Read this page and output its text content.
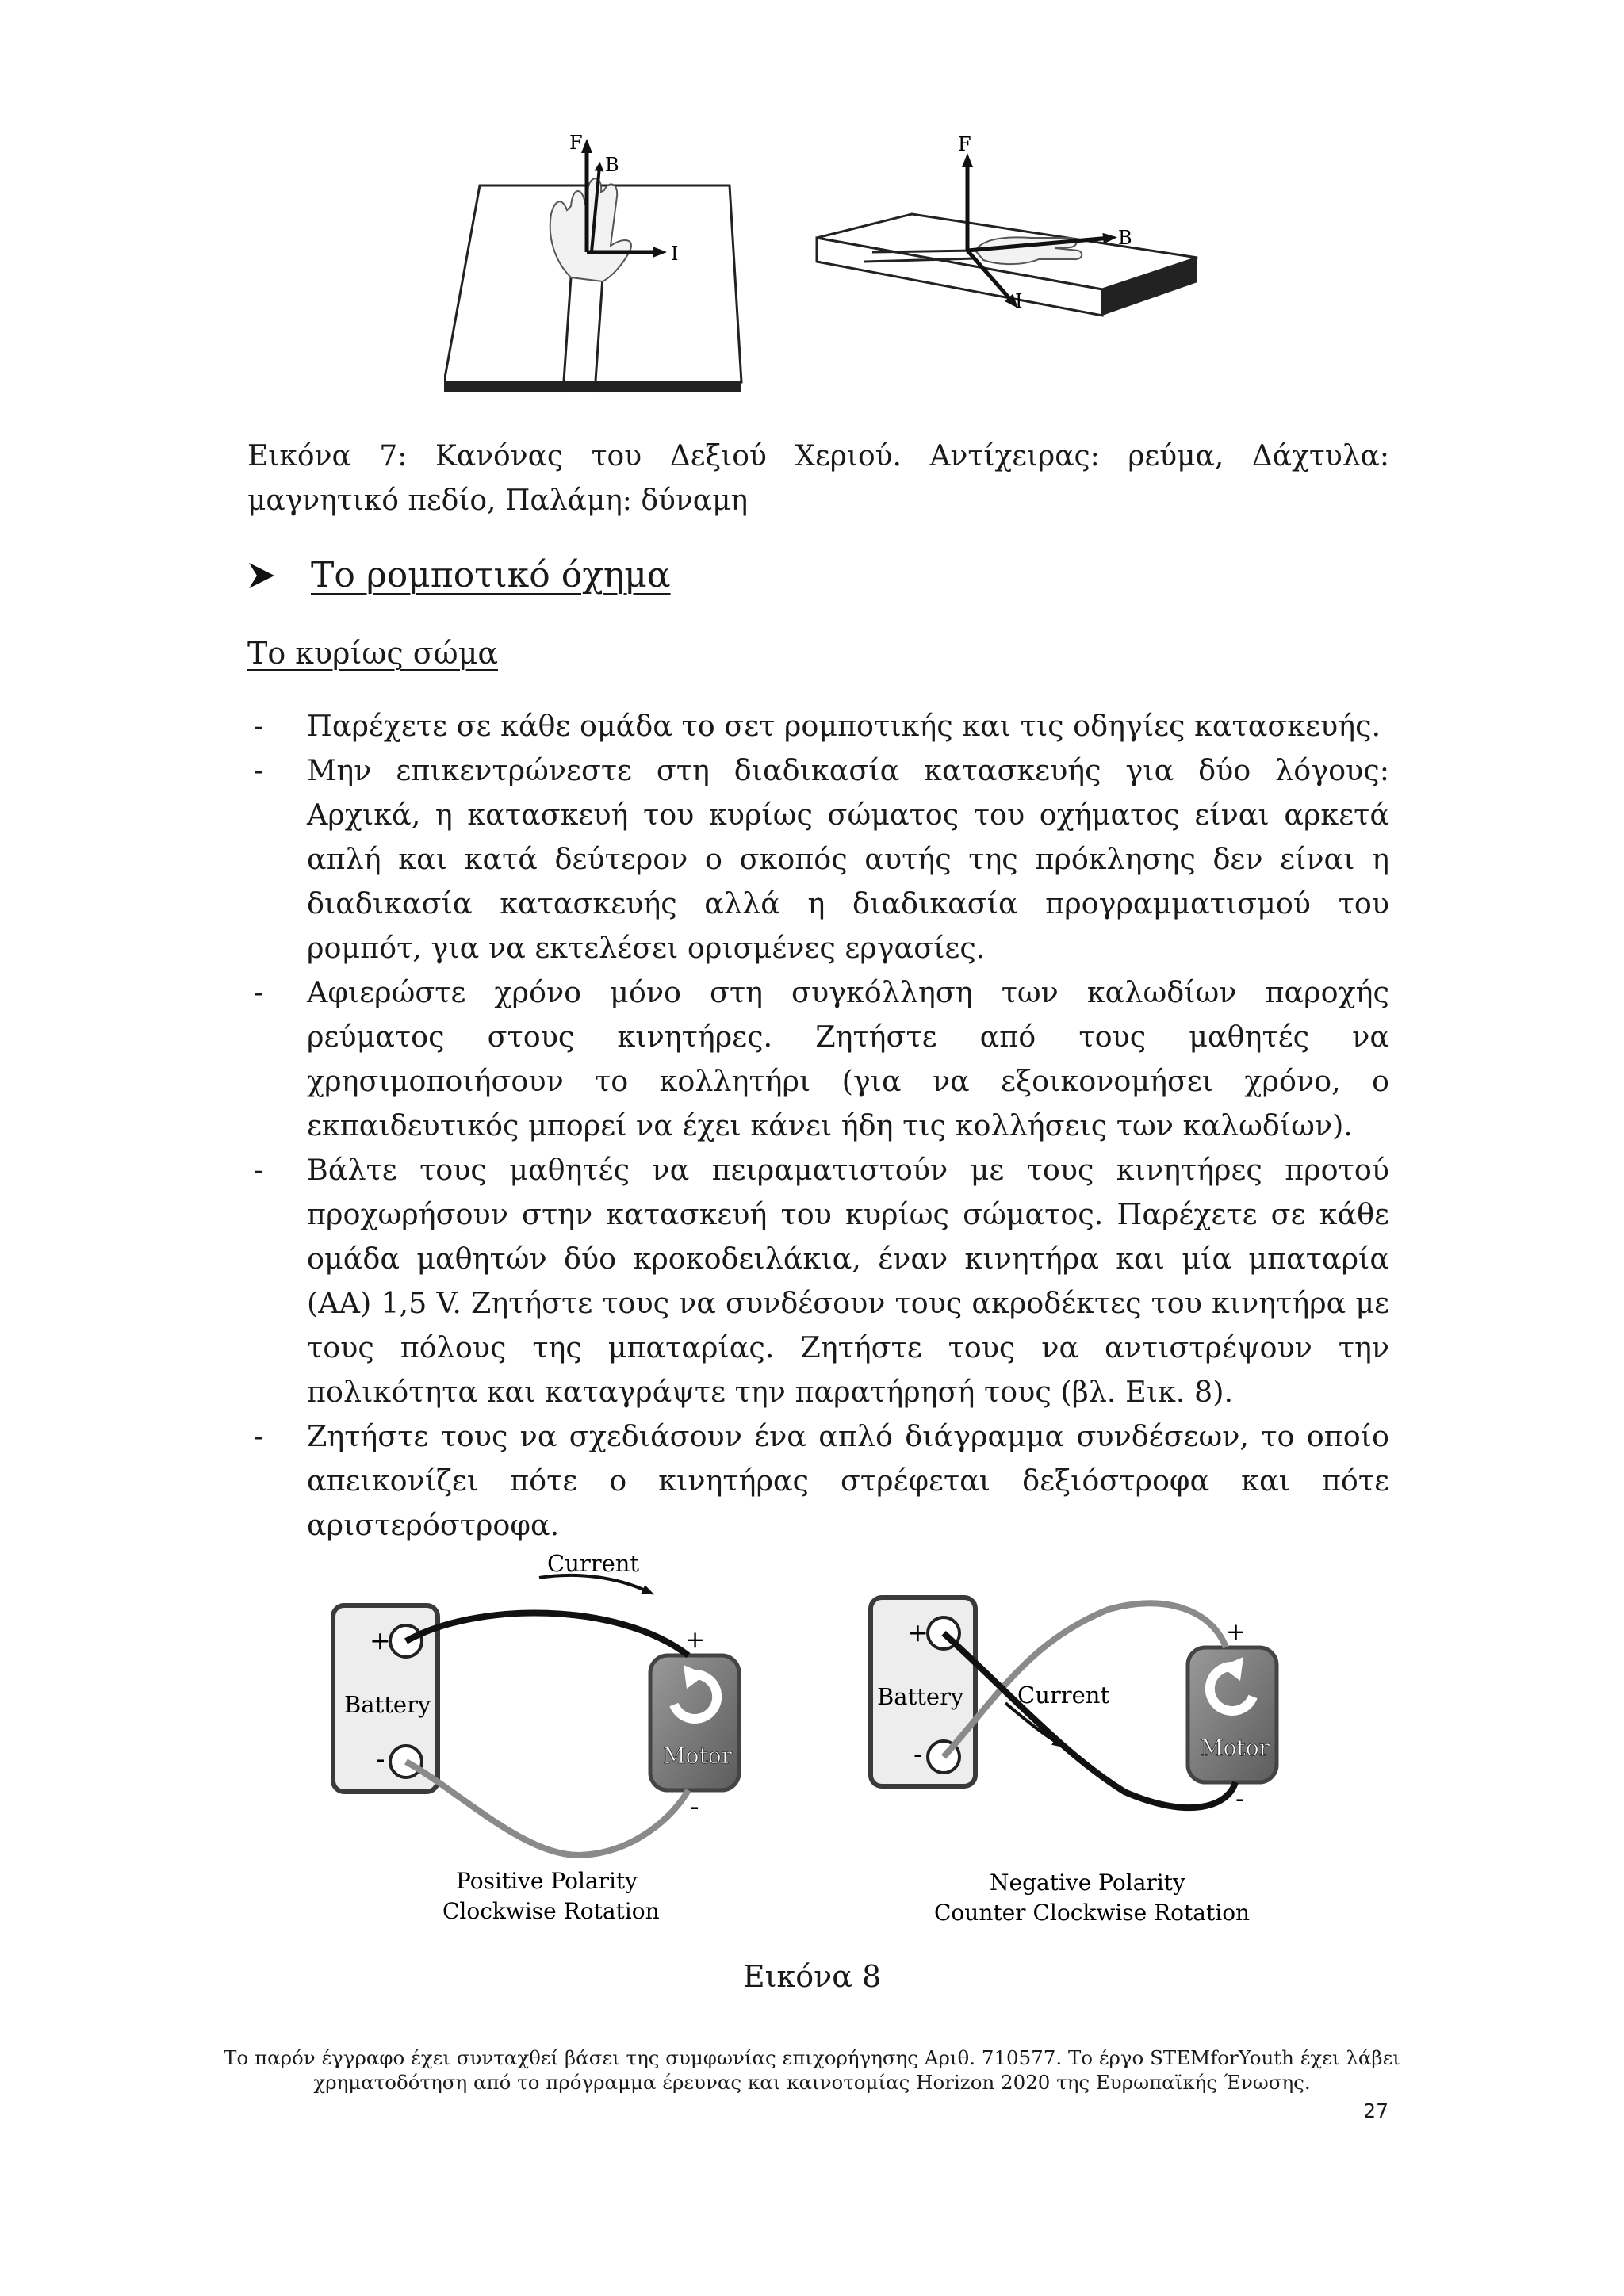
F
B
I
F
B
I
Εικόνα 7: Κανόνας του Δεξιού Χεριού. Αντίχειρας: ρεύμα, Δάχτυλα: μαγνητικό πεδίο, Παλάμη: δύναμη
Το ρομποτικό όχημα
Το κυρίως σώμα
- Παρέχετε σε κάθε ομάδα το σετ ρομποτικής και τις οδηγίες κατασκευής.
- Μην επικεντρώνεστε στη διαδικασία κατασκευής για δύο λόγους: Αρχικά, η κατασκευή του κυρίως σώματος του οχήματος είναι αρκετά απλή και κατά δεύτερον ο σκοπός αυτής της πρόκλησης δεν είναι η διαδικασία κατασκευής αλλά η διαδικασία προγραμματισμού του ρομπότ, για να εκτελέσει ορισμένες εργασίες.
- Αφιερώστε χρόνο μόνο στη συγκόλληση των καλωδίων παροχής ρεύματος στους κινητήρες. Ζητήστε από τους μαθητές να χρησιμοποιήσουν το κολλητήρι (για να εξοικονομήσει χρόνο, ο εκπαιδευτικός μπορεί να έχει κάνει ήδη τις κολλήσεις των καλωδίων).
- Βάλτε τους μαθητές να πειραματιστούν με τους κινητήρες προτού προχωρήσουν στην κατασκευή του κυρίως σώματος. Παρέχετε σε κάθε ομάδα μαθητών δύο κροκοδειλάκια, έναν κινητήρα και μία μπαταρία (ΑΑ) 1,5 V. Ζητήστε τους να συνδέσουν τους ακροδέκτες του κινητήρα με τους πόλους της μπαταρίας. Ζητήστε τους να αντιστρέψουν την πολικότητα και καταγράψτε την παρατήρησή τους (βλ. Εικ. 8).
- Ζητήστε τους να σχεδιάσουν ένα απλό διάγραμμα συνδέσεων, το οποίο απεικονίζει πότε ο κινητήρας στρέφεται δεξιόστροφα και πότε αριστερόστροφα.
+
-
Battery
Motor
+
-
Current
Positive Polarity
Clockwise Rotation
+
-
Battery
Motor
+
-
Current
Negative Polarity
Counter Clockwise Rotation
Εικόνα 8
Το παρόν έγγραφο έχει συνταχθεί βάσει της συμφωνίας επιχορήγησης Αριθ. 710577. Το έργο STEMforYouth έχει λάβει
χρηματοδότηση από το πρόγραμμα έρευνας και καινοτομίας Horizon 2020 της Ευρωπαϊκής Ένωσης.
27
